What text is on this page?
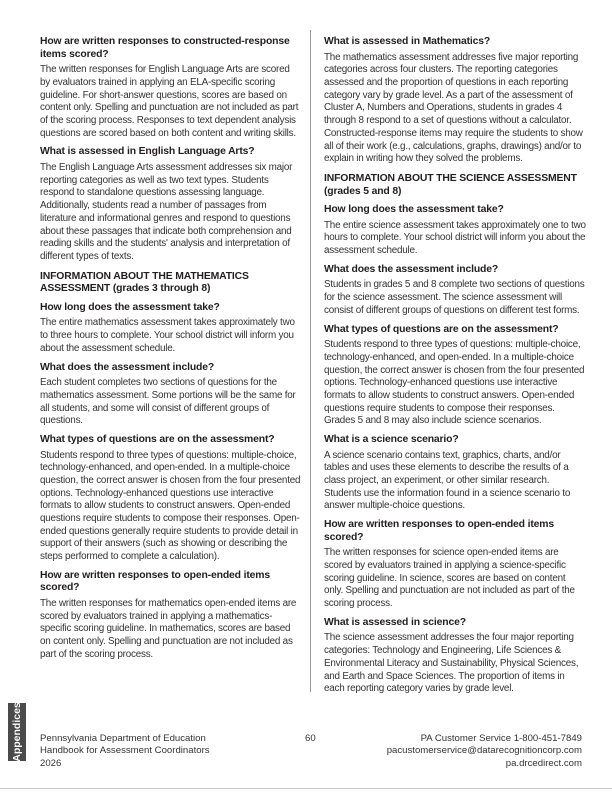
How are written responses to constructed-response items scored?

The written responses for English Language Arts are scored by evaluators trained in applying an ELA-specific scoring guideline. For short-answer questions, scores are based on content only. Spelling and punctuation are not included as part of the scoring process. Responses to text dependent analysis questions are scored based on both content and writing skills.

What is assessed in English Language Arts?

The English Language Arts assessment addresses six major reporting categories as well as two text types. Students respond to standalone questions assessing language. Additionally, students read a number of passages from literature and informational genres and respond to questions about these passages that indicate both comprehension and reading skills and the students' analysis and interpretation of different types of texts.

INFORMATION ABOUT THE MATHEMATICS ASSESSMENT (grades 3 through 8)
How long does the assessment take?

The entire mathematics assessment takes approximately two to three hours to complete. Your school district will inform you about the assessment schedule.

What does the assessment include?

Each student completes two sections of questions for the mathematics assessment. Some portions will be the same for all students, and some will consist of different groups of questions.

What types of questions are on the assessment?

Students respond to three types of questions: multiple-choice, technology-enhanced, and open-ended. In a multiple-choice question, the correct answer is chosen from the four presented options. Technology-enhanced questions use interactive formats to allow students to construct answers. Open-ended questions require students to compose their responses. Open-ended questions generally require students to provide detail in support of their answers (such as showing or describing the steps performed to complete a calculation).

How are written responses to open-ended items scored?

The written responses for mathematics open-ended items are scored by evaluators trained in applying a mathematics-specific scoring guideline. In mathematics, scores are based on content only. Spelling and punctuation are not included as part of the scoring process.

What is assessed in Mathematics?

The mathematics assessment addresses five major reporting categories across four clusters. The reporting categories assessed and the proportion of questions in each reporting category vary by grade level. As a part of the assessment of Cluster A, Numbers and Operations, students in grades 4 through 8 respond to a set of questions without a calculator. Constructed-response items may require the students to show all of their work (e.g., calculations, graphs, drawings) and/or to explain in writing how they solved the problems.

INFORMATION ABOUT THE SCIENCE ASSESSMENT (grades 5 and 8)
How long does the assessment take?

The entire science assessment takes approximately one to two hours to complete. Your school district will inform you about the assessment schedule.

What does the assessment include?

Students in grades 5 and 8 complete two sections of questions for the science assessment. The science assessment will consist of different groups of questions on different test forms.

What types of questions are on the assessment?

Students respond to three types of questions: multiple-choice, technology-enhanced, and open-ended. In a multiple-choice question, the correct answer is chosen from the four presented options. Technology-enhanced questions use interactive formats to allow students to construct answers. Open-ended questions require students to compose their responses. Grades 5 and 8 may also include science scenarios.

What is a science scenario?

A science scenario contains text, graphics, charts, and/or tables and uses these elements to describe the results of a class project, an experiment, or other similar research. Students use the information found in a science scenario to answer multiple-choice questions.

How are written responses to open-ended items scored?

The written responses for science open-ended items are scored by evaluators trained in applying a science-specific scoring guideline. In science, scores are based on content only. Spelling and punctuation are not included as part of the scoring process.

What is assessed in science?

The science assessment addresses the four major reporting categories: Technology and Engineering, Life Sciences & Environmental Literacy and Sustainability, Physical Sciences, and Earth and Space Sciences. The proportion of items in each reporting category varies by grade level.

Appendices Pennsylvania Department of Education
Handbook for Assessment Coordinators
2026
60	PA Customer Service 1-800-451-7849
pacustomerservice@datarecognitioncorp.com
pa.drcedirect.com
